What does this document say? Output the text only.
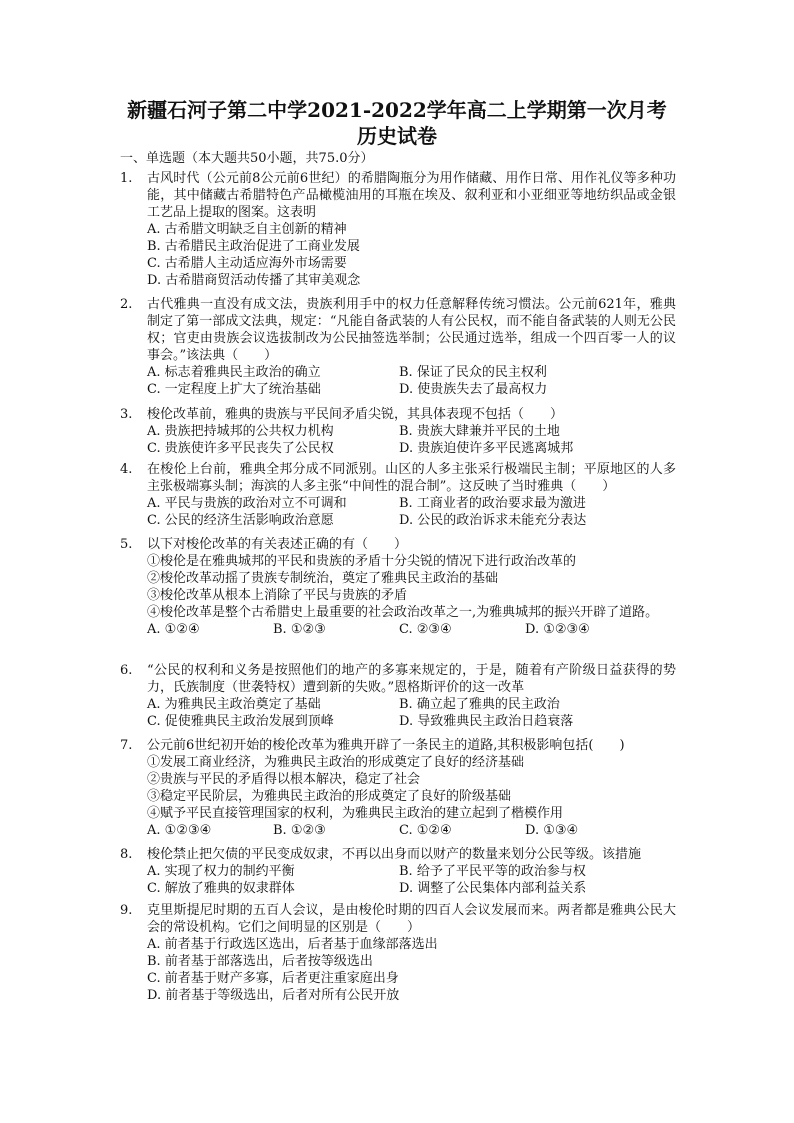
新疆石河子第二中学2021-2022学年高二上学期第一次月考
历史试卷
一、单选题（本大题共50小题，共75.0分）
1.	古风时代（公元前8公元前6世纪）的希腊陶瓶分为用作储藏、用作日常、用作礼仪等多种功能，其中储藏古希腊特色产品橄榄油用的耳瓶在埃及、叙利亚和小亚细亚等地纺织品或金银工艺品上提取的图案。这表明
A. 古希腊文明缺乏自主创新的精神
B. 古希腊民主政治促进了工商业发展
C. 古希腊人主动适应海外市场需要
D. 古希腊商贸活动传播了其审美观念
2.	古代雅典一直没有成文法，贵族利用手中的权力任意解释传统习惯法。公元前621年，雅典制定了第一部成文法典，规定：“凡能自备武装的人有公民权，而不能自备武装的人则无公民权；官吏由贵族会议选拔制改为公民抽签选举制；公民通过选举，组成一个四百零一人的议事会。”该法典（　　）
A. 标志着雅典民主政治的确立	B. 保证了民众的民主权利
C. 一定程度上扩大了统治基础	D. 使贵族失去了最高权力
3.	梭伦改革前，雅典的贵族与平民间矛盾尖锐，其具体表现不包括（　　）
A. 贵族把持城邦的公共权力机构	B. 贵族大肆兼并平民的土地
C. 贵族使许多平民丧失了公民权	D. 贵族迫使许多平民逃离城邦
4.	在梭伦上台前，雅典全邦分成不同派别。山区的人多主张采行极端民主制；平原地区的人多主张极端寡头制；海滨的人多主张“中间性的混合制”。这反映了当时雅典（　　）
A. 平民与贵族的政治对立不可调和	B. 工商业者的政治要求最为激进
C. 公民的经济生活影响政治意愿	D. 公民的政治诉求未能充分表达
5.	以下对梭伦改革的有关表述正确的有（　　）
①梭伦是在雅典城邦的平民和贵族的矛盾十分尖锐的情况下进行政治改革的
②梭伦改革动摇了贵族专制统治，奠定了雅典民主政治的基础
③梭伦改革从根本上消除了平民与贵族的矛盾
④梭伦改革是整个古希腊史上最重要的社会政治改革之一,为雅典城邦的振兴开辟了道路。
A. ①②④	B. ①②③	C. ②③④	D. ①②③④
6.	“公民的权利和义务是按照他们的地产的多寡来规定的，于是，随着有产阶级日益获得的势力，氏族制度（世袭特权）遭到新的失败。”恩格斯评价的这一改革
A. 为雅典民主政治奠定了基础	B. 确立起了雅典的民主政治
C. 促使雅典民主政治发展到顶峰	D. 导致雅典民主政治日趋衰落
7.	公元前6世纪初开始的梭伦改革为雅典开辟了一条民主的道路,其积极影响包括(　　)
①发展工商业经济，为雅典民主政治的形成奠定了良好的经济基础
②贵族与平民的矛盾得以根本解决，稳定了社会
③稳定平民阶层，为雅典民主政治的形成奠定了良好的阶级基础
④赋予平民直接管理国家的权利，为雅典民主政治的建立起到了楷模作用
A. ①②③④	B. ①②③	C. ①②④	D. ①③④
8.	梭伦禁止把欠债的平民变成奴隶，不再以出身而以财产的数量来划分公民等级。该措施
A. 实现了权力的制约平衡	B. 给予了平民平等的政治参与权
C. 解放了雅典的奴隶群体	D. 调整了公民集体内部利益关系
9.	克里斯提尼时期的五百人会议，是由梭伦时期的四百人会议发展而来。两者都是雅典公民大会的常设机构。它们之间明显的区别是（　　）
A. 前者基于行政选区选出，后者基于血缘部落选出
B. 前者基于部落选出，后者按等级选出
C. 前者基于财产多寡，后者更注重家庭出身
D. 前者基于等级选出，后者对所有公民开放
